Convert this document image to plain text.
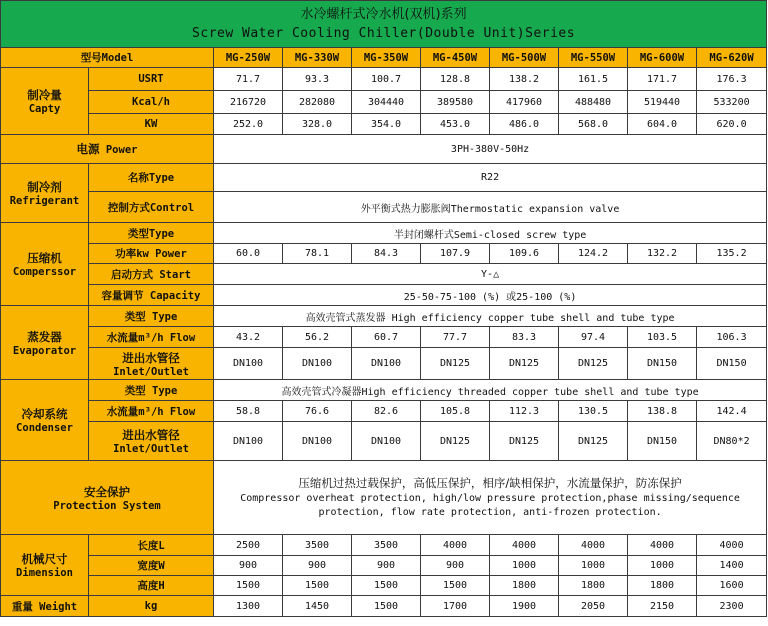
水冷螺杆式冷水机(双机)系列
Screw Water Cooling Chiller(Double Unit)Series									
型号Model		MG-250W	MG-330W	MG-350W	MG-450W	MG-500W	MG-550W	MG-600W	MG-620W
制冷量
Capty	USRT	71.7	93.3	100.7	128.8	138.2	161.5	171.7	176.3
	Kcal/h	216720	282080	304440	389580	417960	488480	519440	533200
	KW	252.0	328.0	354.0	453.0	486.0	568.0	604.0	620.0
电源 Power		3PH-380V-50Hz							
制冷剂
Refrigerant	名称Type	R22							
	控制方式Control	外平衡式热力膨胀阀Thermostatic expansion valve							
压缩机
Comperssor	类型Type	半封闭螺杆式Semi-closed screw type							
	功率kw Power	60.0	78.1	84.3	107.9	109.6	124.2	132.2	135.2
	启动方式 Start	Y-△							
	容量调节 Capacity	25-50-75-100 (%) 或25-100 (%)							
蒸发器
Evaporator	类型 Type	高效壳管式蒸发器 High efficiency copper tube shell and tube type							
	水流量m³/h Flow	43.2	56.2	60.7	77.7	83.3	97.4	103.5	106.3
	进出水管径
Inlet/Outlet	DN100	DN100	DN100	DN125	DN125	DN125	DN150	DN150
冷却系统
Condenser	类型 Type	高效壳管式冷凝器High efficiency threaded copper tube shell and tube type							
	水流量m³/h Flow	58.8	76.6	82.6	105.8	112.3	130.5	138.8	142.4
	进出水管径
Inlet/Outlet	DN100	DN100	DN100	DN125	DN125	DN125	DN150	DN80*2
安全保护
Protection System		压缩机过热过载保护，高低压保护，相序/缺相保护，水流量保护，防冻保护
Compressor overheat protection, high/low pressure protection,phase missing/sequence
protection, flow rate protection, anti-frozen protection.							
机械尺寸
Dimension	长度L	2500	3500	3500	4000	4000	4000	4000	4000
	宽度W	900	900	900	900	1000	1000	1000	1400
	高度H	1500	1500	1500	1500	1800	1800	1800	1600
重量 Weight	kg	1300	1450	1500	1700	1900	2050	2150	2300
